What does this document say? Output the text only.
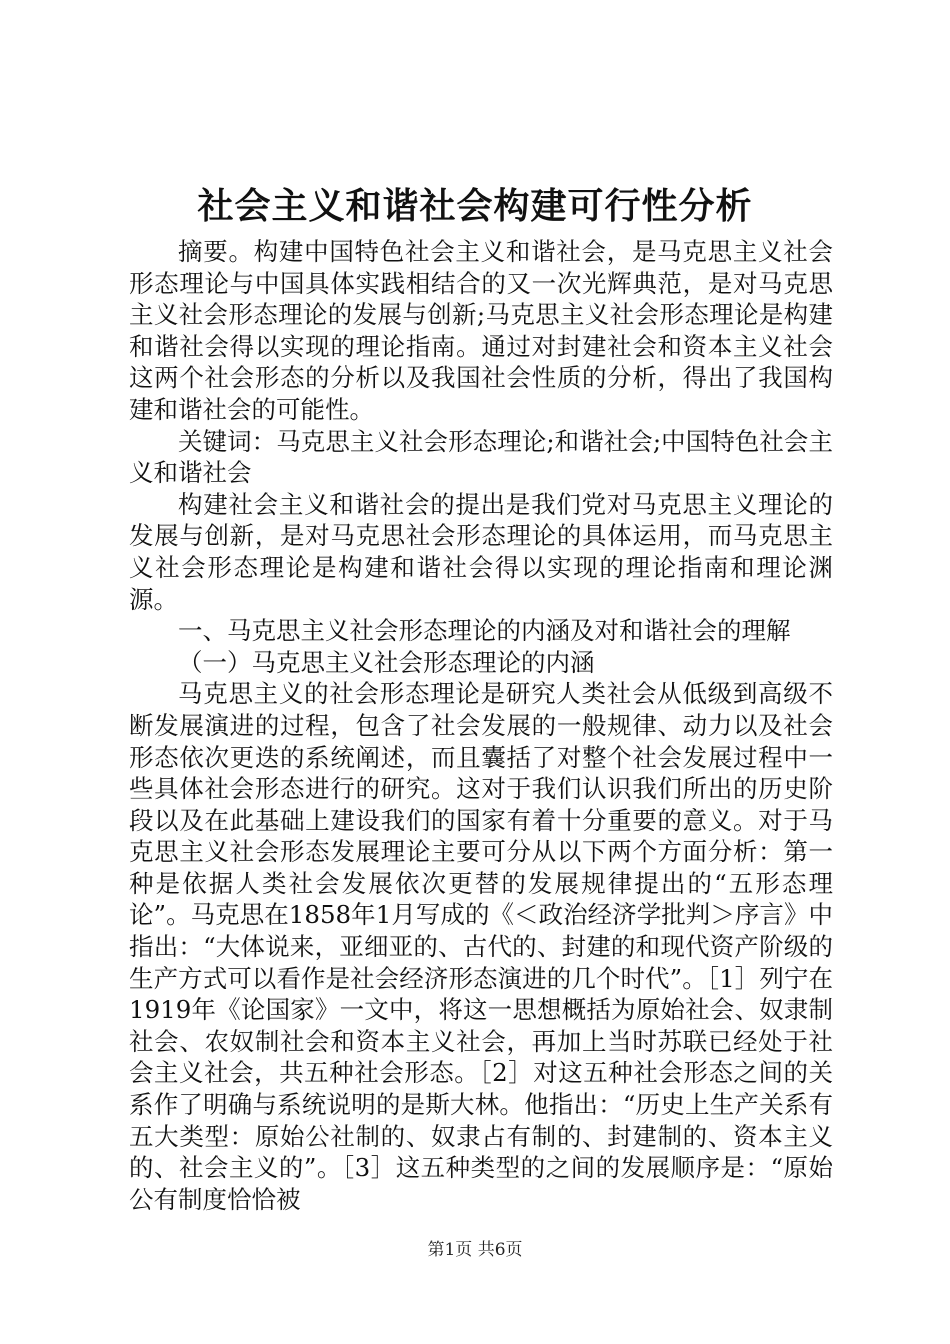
社会主义和谐社会构建可行性分析

摘要。构建中国特色社会主义和谐社会，是马克思主义社会形态理论与中国具体实践相结合的又一次光辉典范，是对马克思主义社会形态理论的发展与创新;马克思主义社会形态理论是构建和谐社会得以实现的理论指南。通过对封建社会和资本主义社会这两个社会形态的分析以及我国社会性质的分析，得出了我国构建和谐社会的可能性。

关键词：马克思主义社会形态理论;和谐社会;中国特色社会主义和谐社会

构建社会主义和谐社会的提出是我们党对马克思主义理论的发展与创新，是对马克思社会形态理论的具体运用，而马克思主义社会形态理论是构建和谐社会得以实现的理论指南和理论渊源。

一、马克思主义社会形态理论的内涵及对和谐社会的理解

（一）马克思主义社会形态理论的内涵

马克思主义的社会形态理论是研究人类社会从低级到高级不断发展演进的过程，包含了社会发展的一般规律、动力以及社会形态依次更迭的系统阐述，而且囊括了对整个社会发展过程中一些具体社会形态进行的研究。这对于我们认识我们所出的历史阶段以及在此基础上建设我们的国家有着十分重要的意义。对于马克思主义社会形态发展理论主要可分从以下两个方面分析：第一种是依据人类社会发展依次更替的发展规律提出的“五形态理论”。马克思在1858年1月写成的《＜政治经济学批判＞序言》中指出：“大体说来，亚细亚的、古代的、封建的和现代资产阶级的生产方式可以看作是社会经济形态演进的几个时代”。［1］列宁在1919年《论国家》一文中，将这一思想概括为原始社会、奴隶制社会、农奴制社会和资本主义社会，再加上当时苏联已经处于社会主义社会，共五种社会形态。［2］对这五种社会形态之间的关系作了明确与系统说明的是斯大林。他指出：“历史上生产关系有五大类型：原始公社制的、奴隶占有制的、封建制的、资本主义的、社会主义的”。［3］这五种类型的之间的发展顺序是：“原始公有制度恰恰被

第1页 共6页
